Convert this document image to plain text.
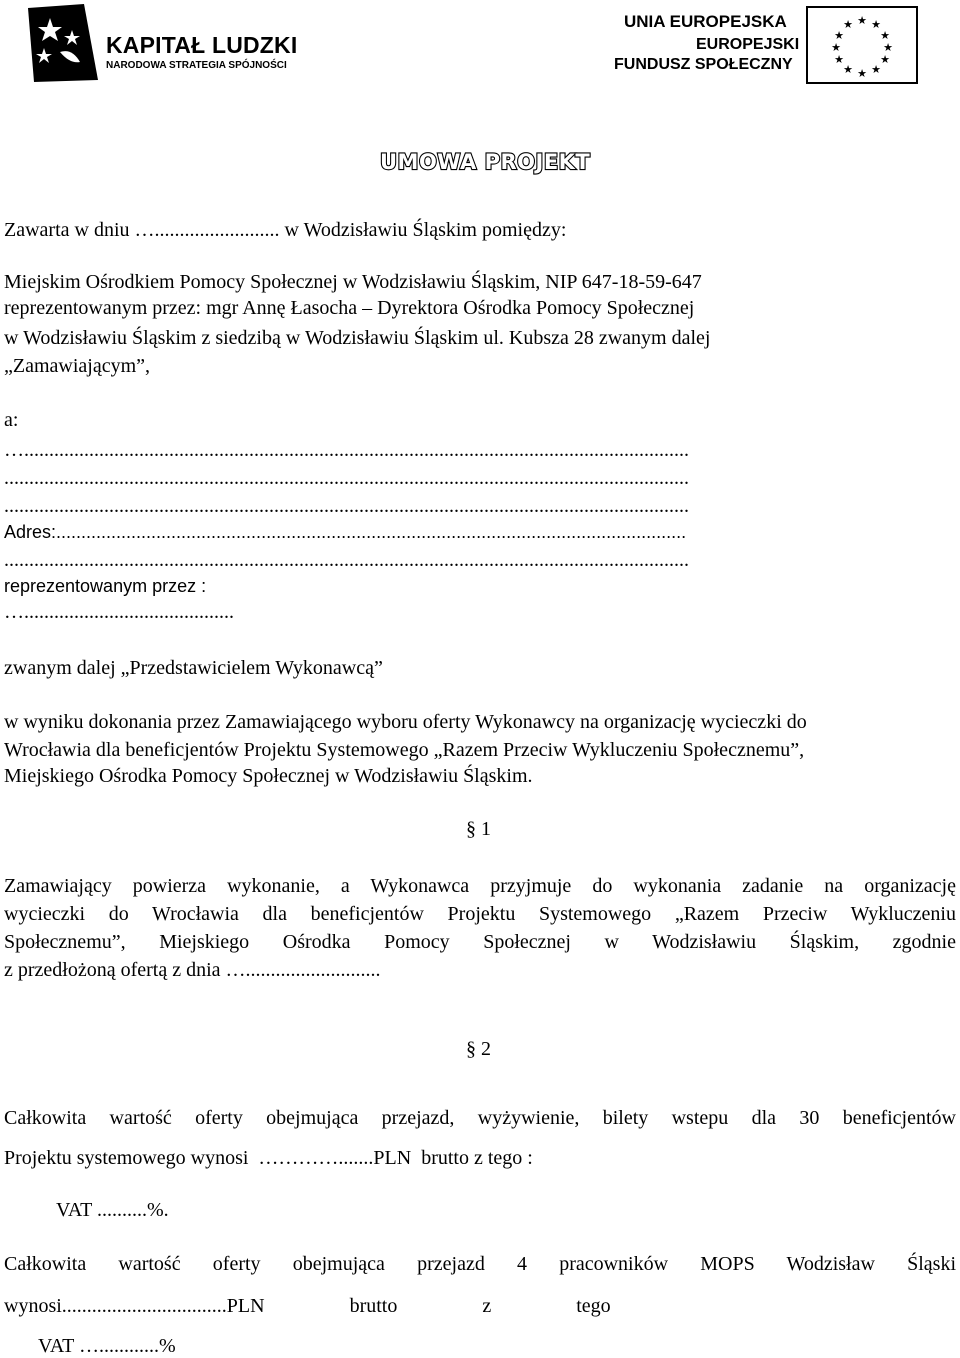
KAPITAŁ LUDZKI

NARODOWA STRATEGIA SPÓJNOŚCI

UNIA EUROPEJSKA

EUROPEJSKI

FUNDUSZ SPOŁECZNY

★ ★
★
★
★
★
★
★
★
★
★
★

UMOWA PROJEKT
Zawarta w dniu …......................... w Wodzisławiu Śląskim pomiędzy:
Miejskim Ośrodkiem Pomocy Społecznej w Wodzisławiu Śląskim, NIP 647-18-59-647
reprezentowanym przez: mgr Annę Łasocha – Dyrektora Ośrodka Pomocy Społecznej
w Wodzisławiu Śląskim z siedzibą w Wodzisławiu Śląskim ul. Kubsza 28 zwanym dalej
„Zamawiającym”,
a:
….....................................................................................................................................
.........................................................................................................................................
.........................................................................................................................................
Adres:..............................................................................................................................
.........................................................................................................................................
reprezentowanym przez :
…..........................................
zwanym dalej „Przedstawicielem Wykonawcą”
w wyniku dokonania przez Zamawiającego wyboru oferty Wykonawcy na organizację wycieczki do
Wrocławia dla beneficjentów Projektu Systemowego „Razem Przeciw Wykluczeniu Społecznemu”,
Miejskiego Ośrodka Pomocy Społecznej w Wodzisławiu Śląskim.
§ 1
Zamawiający powierza wykonanie, a Wykonawca przyjmuje do wykonania zadanie na organizację
wycieczki do Wrocławia dla beneficjentów Projektu Systemowego „Razem Przeciw Wykluczeniu
Społecznemu”, Miejskiego Ośrodka Pomocy Społecznej w Wodzisławiu Śląskim, zgodnie
z przedłożoną ofertą z dnia …...........................
§ 2
Całkowita wartość oferty obejmująca przejazd, wyżywienie, bilety wstepu dla 30 beneficjentów
Projektu systemowego wynosi  ………….......PLN  brutto z tego :
VAT ..........%.
Całkowita wartość oferty obejmująca przejazd 4 pracowników MOPS Wodzisław Śląski
wynosi.................................PLN                 brutto                 z                 tego
VAT …............%
